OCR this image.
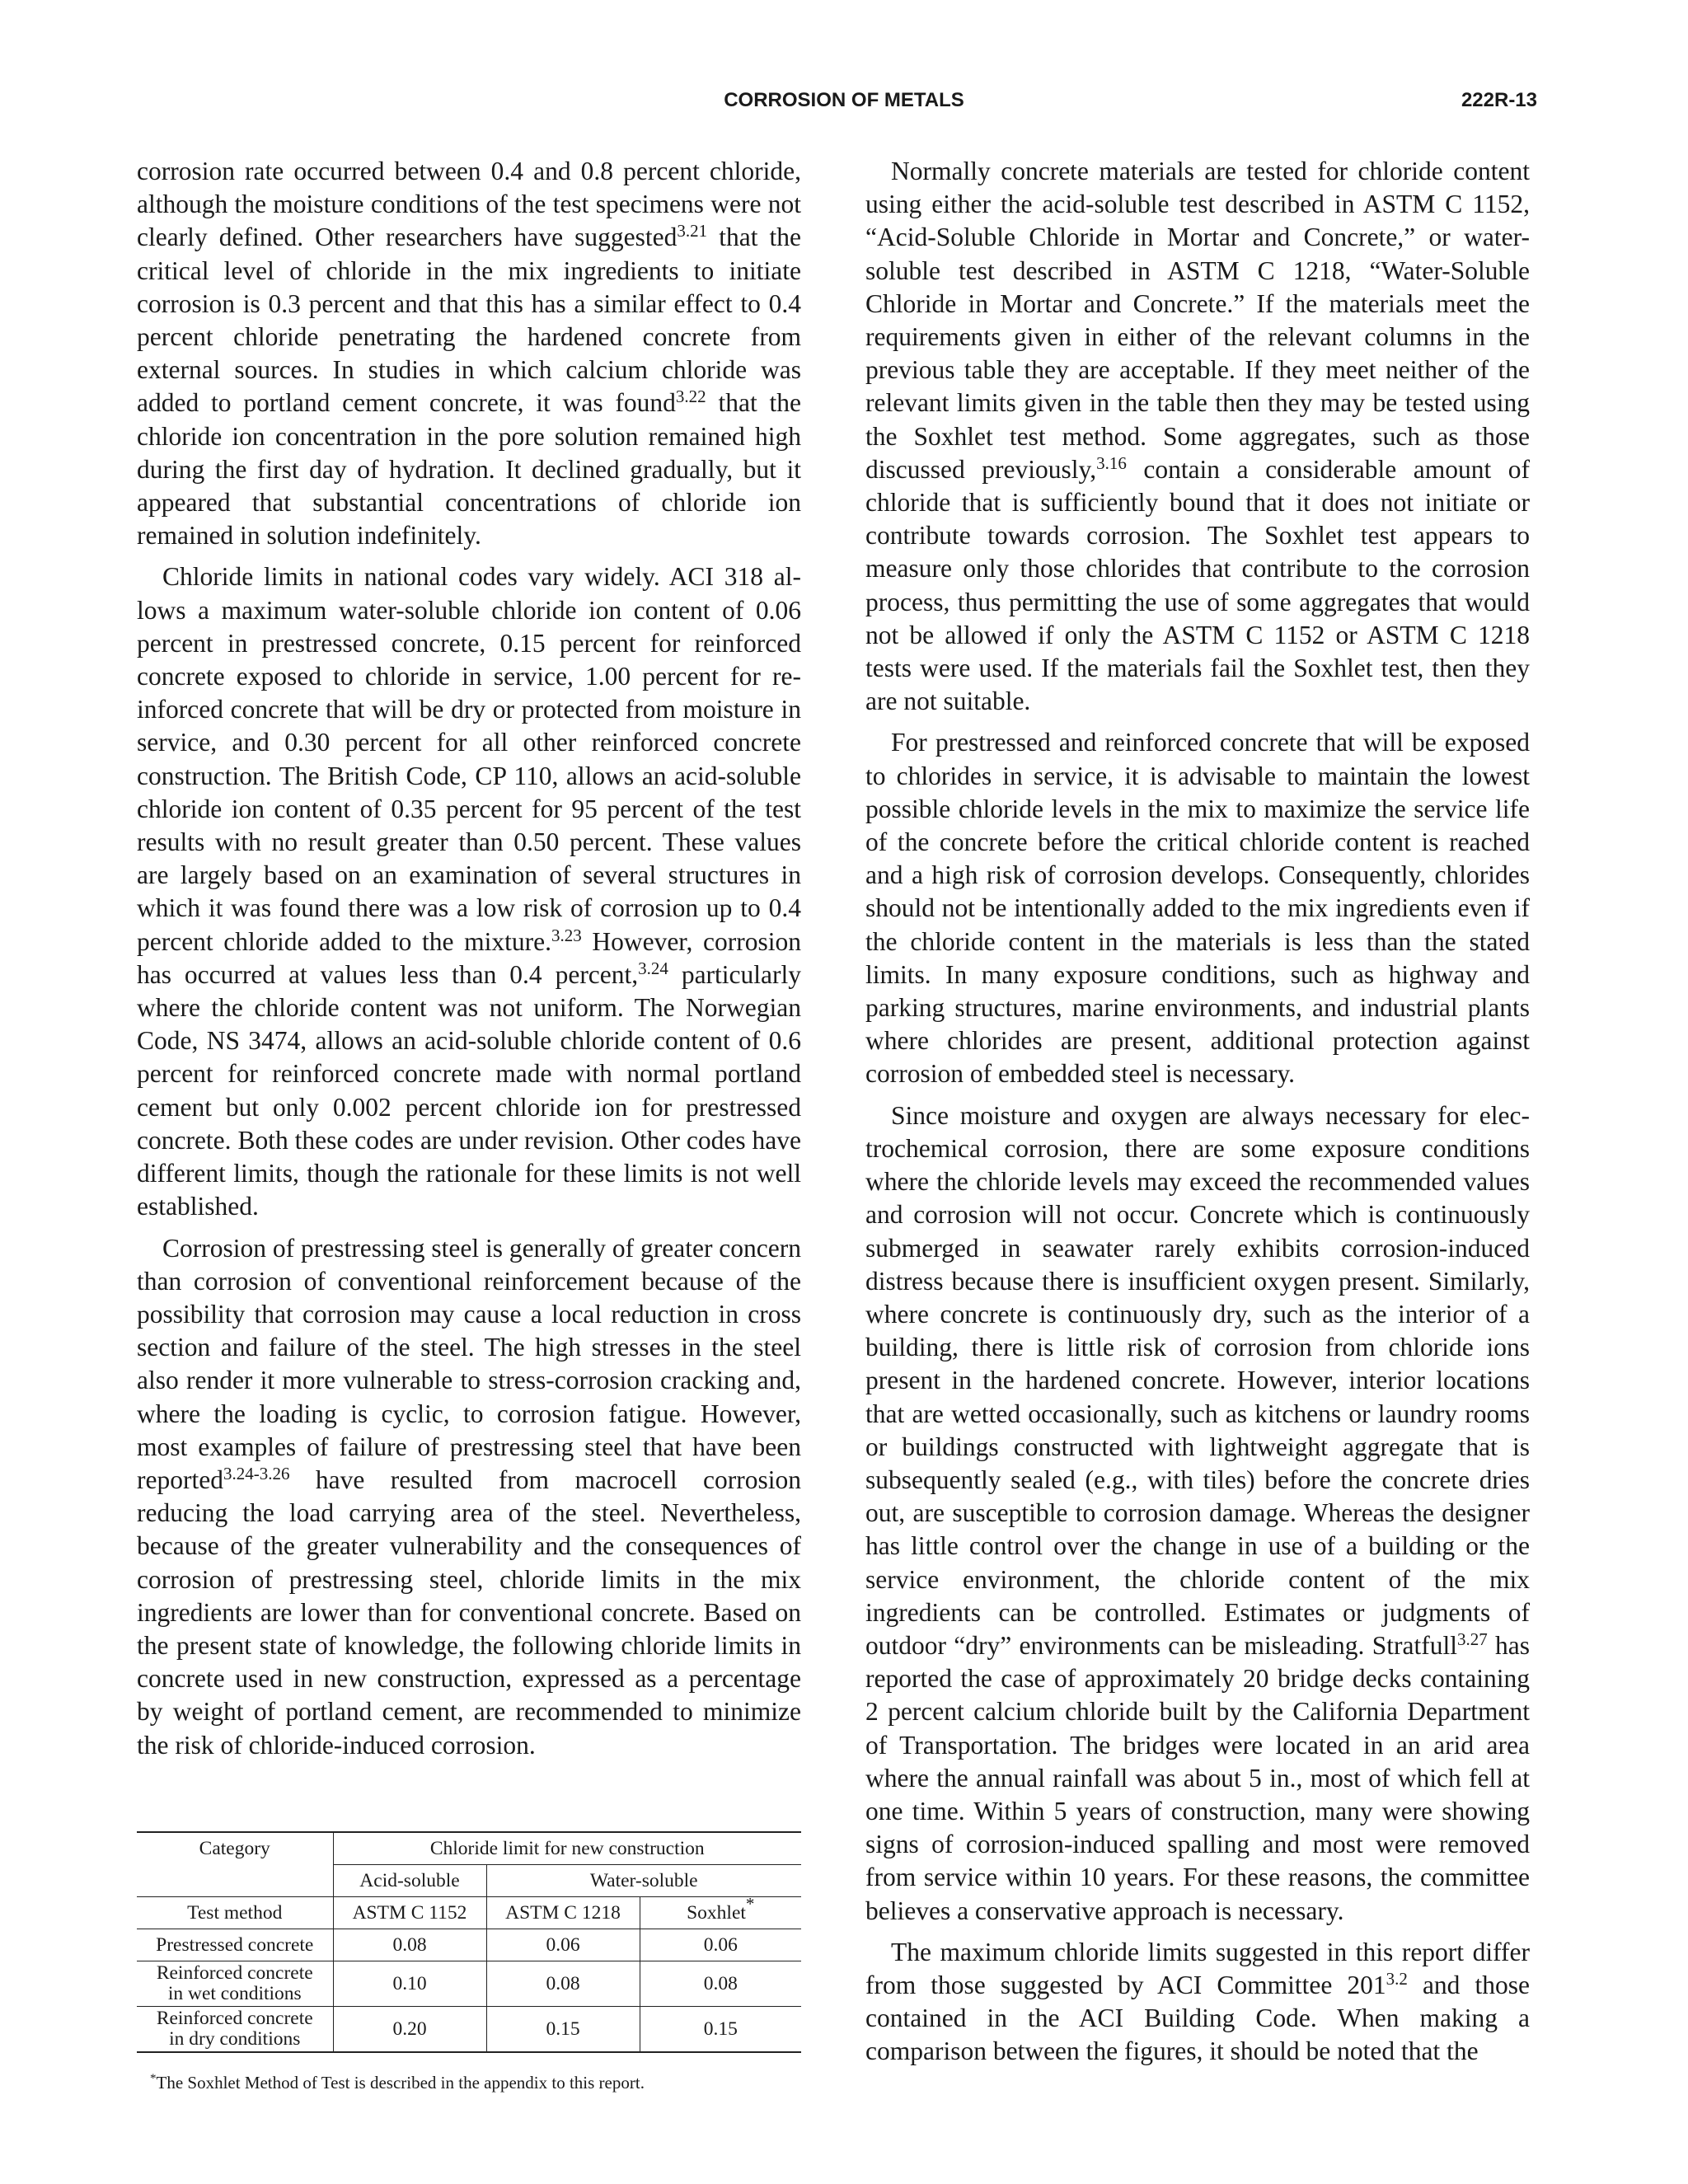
CORROSION OF METALS	222R-13

corrosion rate occurred between 0.4 and 0.8 percent chloride, although the moisture conditions of the test specimens were not clearly defined. Other researchers have suggested$^{3.21}$ that the critical level of chloride in the mix ingredients to initiate corrosion is 0.3 percent and that this has a similar effect to 0.4 percent chloride penetrating the hardened concrete from external sources. In studies in which calcium chloride was added to portland cement concrete, it was found$^{3.22}$ that the chloride ion concentration in the pore solution remained high during the first day of hydration. It declined gradually, but it appeared that substantial concentrations of chloride ion remained in solution indefinitely.

Chloride limits in national codes vary widely. ACI 318 allows a maximum water-soluble chloride ion content of 0.06 percent in prestressed concrete, 0.15 percent for reinforced concrete exposed to chloride in service, 1.00 percent for reinforced concrete that will be dry or protected from moisture in service, and 0.30 percent for all other reinforced concrete construction. The British Code, CP 110, allows an acid-soluble chloride ion content of 0.35 percent for 95 percent of the test results with no result greater than 0.50 percent. These values are largely based on an examination of several structures in which it was found there was a low risk of corrosion up to 0.4 percent chloride added to the mixture.$^{3.23}$ However, corrosion has occurred at values less than 0.4 percent,$^{3.24}$ particularly where the chloride content was not uniform. The Norwegian Code, NS 3474, allows an acid-soluble chloride content of 0.6 percent for reinforced concrete made with normal portland cement but only 0.002 percent chloride ion for prestressed concrete. Both these codes are under revision. Other codes have different limits, though the rationale for these limits is not well established.

Corrosion of prestressing steel is generally of greater concern than corrosion of conventional reinforcement because of the possibility that corrosion may cause a local reduction in cross section and failure of the steel. The high stresses in the steel also render it more vulnerable to stress-corrosion cracking and, where the loading is cyclic, to corrosion fatigue. However, most examples of failure of prestressing steel that have been reported$^{3.24-3.26}$ have resulted from macrocell corrosion reducing the load carrying area of the steel. Nevertheless, because of the greater vulnerability and the consequences of corrosion of prestressing steel, chloride limits in the mix ingredients are lower than for conventional concrete. Based on the present state of knowledge, the following chloride limits in concrete used in new construction, expressed as a percentage by weight of portland cement, are recommended to minimize the risk of chloride-induced corrosion.

Normally concrete materials are tested for chloride content using either the acid-soluble test described in ASTM C 1152, “Acid-Soluble Chloride in Mortar and Concrete,” or water-soluble test described in ASTM C 1218, “Water-Soluble Chloride in Mortar and Concrete.” If the materials meet the requirements given in either of the relevant columns in the previous table they are acceptable. If they meet neither of the relevant limits given in the table then they may be tested using the Soxhlet test method. Some aggregates, such as those discussed previously,$^{3.16}$ contain a considerable amount of chloride that is sufficiently bound that it does not initiate or contribute towards corrosion. The Soxhlet test appears to measure only those chlorides that contribute to the corrosion process, thus permitting the use of some aggregates that would not be allowed if only the ASTM C 1152 or ASTM C 1218 tests were used. If the materials fail the Soxhlet test, then they are not suitable.

For prestressed and reinforced concrete that will be exposed to chlorides in service, it is advisable to maintain the lowest possible chloride levels in the mix to maximize the service life of the concrete before the critical chloride content is reached and a high risk of corrosion develops. Consequently, chlorides should not be intentionally added to the mix ingredients even if the chloride content in the materials is less than the stated limits. In many exposure conditions, such as highway and parking structures, marine environments, and industrial plants where chlorides are present, additional protection against corrosion of embedded steel is necessary.

Since moisture and oxygen are always necessary for electrochemical corrosion, there are some exposure conditions where the chloride levels may exceed the recommended values and corrosion will not occur. Concrete which is continuously submerged in seawater rarely exhibits corrosion-induced distress because there is insufficient oxygen present. Similarly, where concrete is continuously dry, such as the interior of a building, there is little risk of corrosion from chloride ions present in the hardened concrete. However, interior locations that are wetted occasionally, such as kitchens or laundry rooms or buildings constructed with lightweight aggregate that is subsequently sealed (e.g., with tiles) before the concrete dries out, are susceptible to corrosion damage. Whereas the designer has little control over the change in use of a building or the service environment, the chloride content of the mix ingredients can be controlled. Estimates or judgments of outdoor “dry” environments can be misleading. Stratfull$^{3.27}$ has reported the case of approximately 20 bridge decks containing 2 percent calcium chloride built by the California Department of Transportation. The bridges were located in an arid area where the annual rainfall was about 5 in., most of which fell at one time. Within 5 years of construction, many were showing signs of corrosion-induced spalling and most were removed from service within 10 years. For these reasons, the committee believes a conservative approach is necessary.

The maximum chloride limits suggested in this report differ from those suggested by ACI Committee $201^{3.2}$ and those contained in the ACI Building Code. When making a comparison between the figures, it should be noted that the

Category	Chloride limit for new construction		
	Acid-soluble	Water-soluble	
Test method	ASTM C 1152	ASTM C 1218	Soxhlet*
Prestressed concrete	0.08	0.06	0.06
Reinforced concrete
in wet conditions	0.10	0.08	0.08
Reinforced concrete
in dry conditions	0.20	0.15	0.15
*The Soxhlet Method of Test is described in the appendix to this report.
